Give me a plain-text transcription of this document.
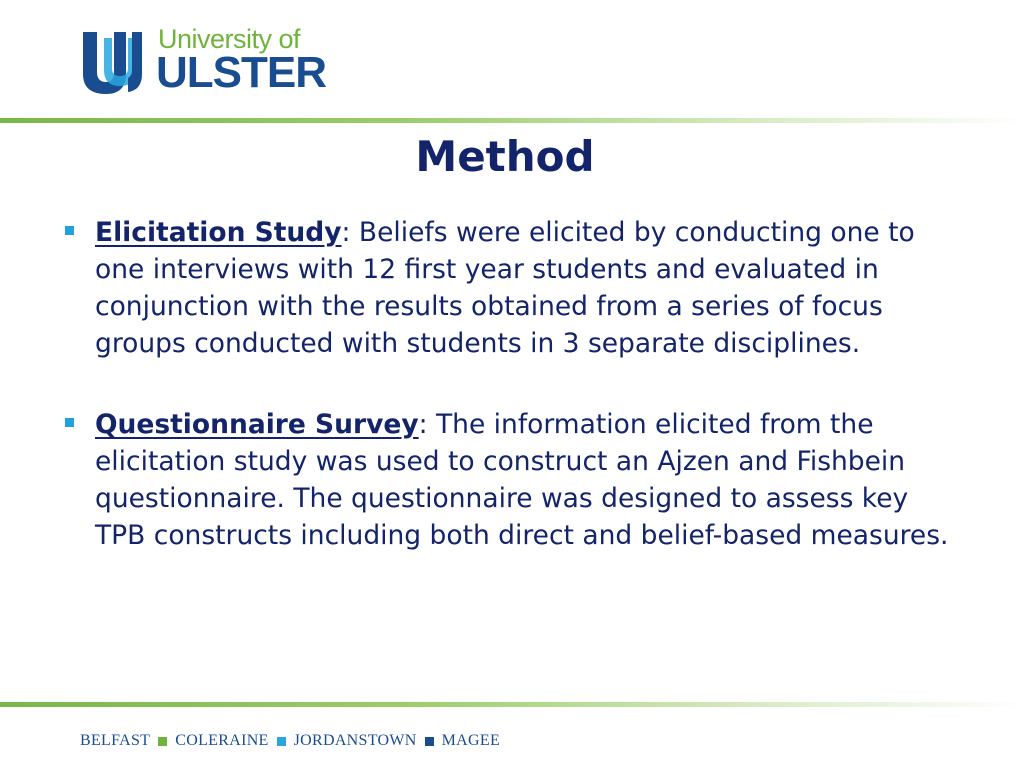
University of
ULSTER
Method
Elicitation Study: Beliefs were elicited by conducting one to one interviews with 12 first year students and evaluated in conjunction with the results obtained from a series of focus groups conducted with students in 3 separate disciplines.
Questionnaire Survey: The information elicited from the elicitation study was used to construct an Ajzen and Fishbein questionnaire. The questionnaire was designed to assess key TPB constructs including both direct and belief-based measures.
BELFAST COLERAINE JORDANSTOWN MAGEE
